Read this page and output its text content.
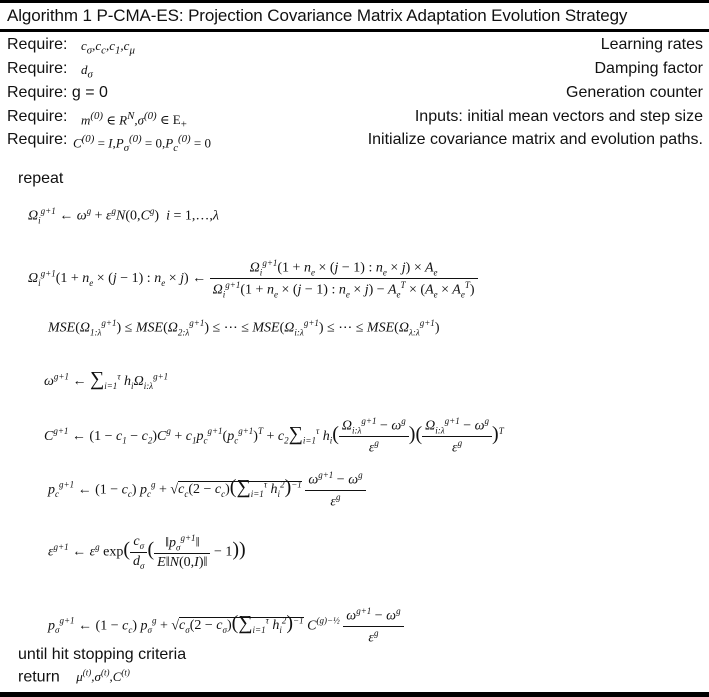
Algorithm 1 P-CMA-ES: Projection Covariance Matrix Adaptation Evolution Strategy
Require: $c_\sigma,c_c,c_1,c_\mu$	Learning rates
Require: $d_\sigma$	Damping factor
Require: g = 0	Generation counter
Require: $m^{(0)}$ ∈ $R^N,\sigma^{(0)}$ ∈ $E_+$	Inputs: initial mean vectors and step size
Require: $C^{(0)} = I,P_\sigma^{(0)} = 0,P_c^{(0)} = 0$	Initialize covariance matrix and evolution paths.
repeat
$\Omega_i^{g+1}$ ← $\omega^g + \varepsilon^gN(0,C^g) i$ = 1,…,λ
$\Omega_i^{g+1}(1 + n_e \times (j - 1)$ : $n_e \times j$) ← $\frac{\Omega_i^{g+1}(1 + n_e \times (j - 1) : n_e \times j) \times A_e}{\Omega_i^{g+1}(1 + n_e \times (j - 1) : n_e \times j) - A_e^T \times (A_e \times A_e^T)}$
$MSE(\Omega_{1:\lambda}^{g+1}) \le MSE(\Omega_{2:\lambda}^{g+1})$ ≤ ⋯ ≤ $MSE(\Omega_{i:\lambda}^{g+1})$ ≤ ⋯ ≤ $MSE(\Omega_{\lambda:\lambda}^{g+1})$
$\omega^{g+1}$ ← $\sum_{i=1}^\tau$ $h_i\Omega_{i:\lambda}^{g+1}$
$C^{g+1}$ ← $(1 - c_1 - c_2)C^g + c_1p_c^{g+1}(p_c^{g+1})^T + c_2\sum_{i=1}^\tau$ $h_i( \frac{\Omega_{i:\lambda}^{g+1} - \omega^g}{\varepsilon^g}$ )( $\frac{\Omega_{i:\lambda}^{g+1} - \omega^g}{\varepsilon^g} )^T$
$p_c^{g+1}$ ← $(1 - c_c)$ $p_c^g + √c_c(2 - c_c)(\sum_{i=1}^\tau$ $h_i^2)^{-1} \frac{\omega^{g+1} - \omega^g}{\varepsilon^g}$
$\varepsilon^{g+1}$ ← $\varepsilon^g$ $\exp( \frac{c_\sigma}{d_\sigma}$ ( $\frac{‖p_\sigma^{g+1}‖}{E‖N(0,I)‖} - 1$))
$p_\sigma^{g+1}$ ← $(1 - c_c)$ $p_\sigma^g + √c_\sigma(2 - c_\sigma)(\sum_{i=1}^\tau$ $h_i^2)^{-1}$ $C^{(g)-\frac{1}{2}} \frac{\omega^{g+1} - \omega^g}{\varepsilon^g}$
until hit stopping criteria
return $\mu^{(t)},\sigma^{(t)},C^{(t)}$
